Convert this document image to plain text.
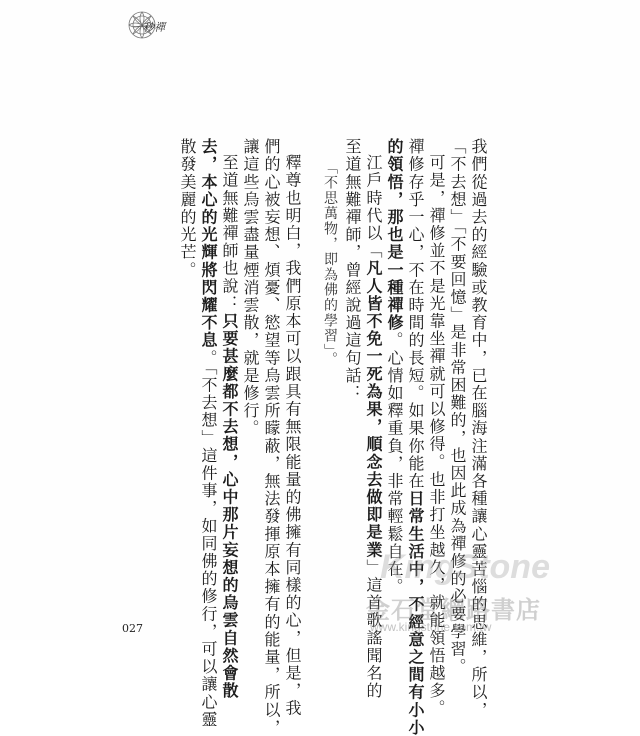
一秒禪
我們從過去的經驗或教育中，已在腦海注滿各種讓心靈苦惱的思維，所以，
「不去想」「不要回憶」是非常困難的，也因此成為禪修的必要學習。
可是，禪修並不是光靠坐禪就可以修得。也非打坐越久，就能領悟越多。
禪修存乎一心，不在時間的長短。如果你能在日常生活中，不經意之間有小小
的領悟，那也是一種禪修。心情如釋重負，非常輕鬆自在。
江戶時代以「凡人皆不免一死為果，順念去做即是業」這首歌謠聞名的
至道無難禪師，曾經說過這句話：
「不思萬物，即為佛的學習」。
釋尊也明白，我們原本可以跟具有無限能量的佛擁有同樣的心，但是，我
們的心被妄想、煩憂、慾望等烏雲所矇蔽，無法發揮原本擁有的能量，所以，
讓這些烏雲盡量煙消雲散，就是修行。
至道無難禪師也說：只要甚麼都不去想，心中那片妄想的烏雲自然會散
去，本心的光輝將閃耀不息。「不去想」這件事，如同佛的修行，可以讓心靈
散發美麗的光芒。
027
KingStone
金石堂網路書店
www.kingstone.com.tw
